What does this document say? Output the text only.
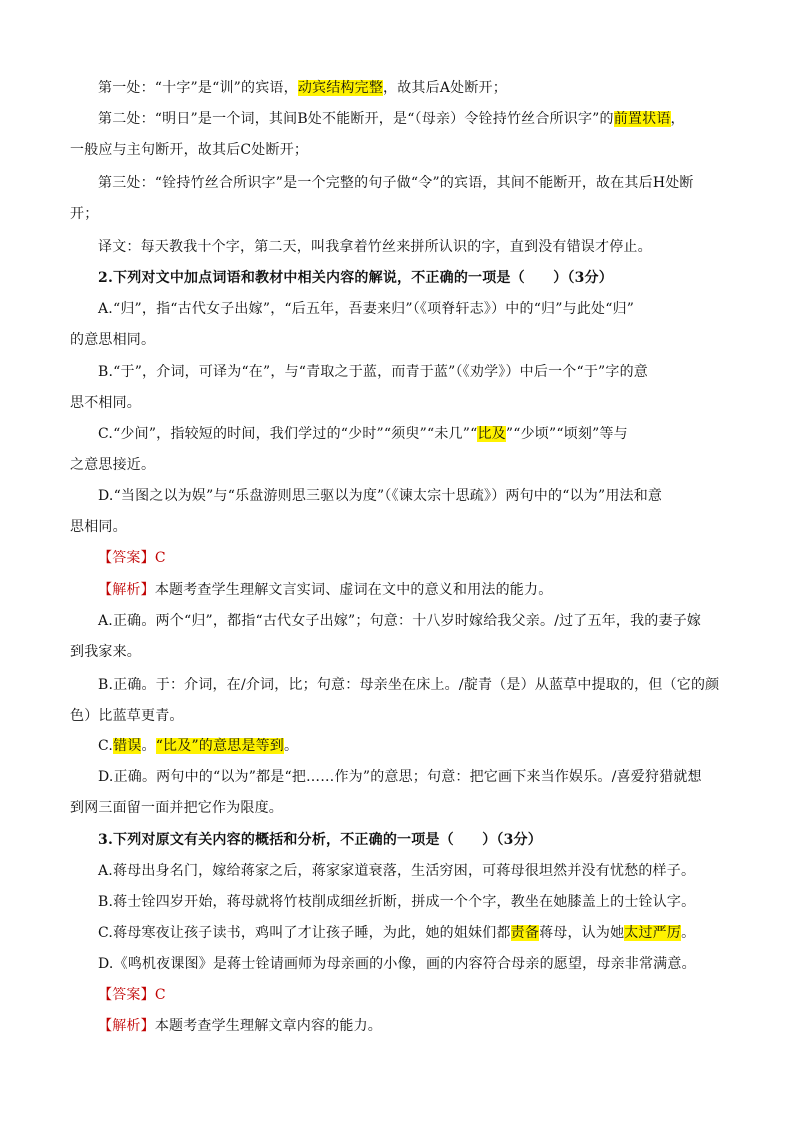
第一处：“十字”是“训”的宾语，动宾结构完整，故其后A处断开；
第二处：“明日”是一个词，其间B处不能断开，是“（母亲）令铨持竹丝合所识字”的前置状语，
一般应与主句断开，故其后C处断开；
第三处：“铨持竹丝合所识字”是一个完整的句子做“令”的宾语，其间不能断开，故在其后H处断
开；
译文：每天教我十个字，第二天，叫我拿着竹丝来拼所认识的字，直到没有错误才停止。
2.下列对文中加点词语和教材中相关内容的解说，不正确的一项是（　　）（3分）
A.“归”，指“古代女子出嫁”，“后五年，吾妻来归”（《项脊轩志》）中的“归”与此处“归”
的意思相同。
B.“于”，介词，可译为“在”，与“青取之于蓝，而青于蓝”（《劝学》）中后一个“于”字的意
思不相同。
C.“少间”，指较短的时间，我们学过的“少时”“须臾”“未几”“比及”“少顷”“顷刻”等与
之意思接近。
D.“当图之以为娱”与“乐盘游则思三驱以为度”（《谏太宗十思疏》）两句中的“以为”用法和意
思相同。
【答案】C
【解析】本题考查学生理解文言实词、虚词在文中的意义和用法的能力。
A.正确。两个“归”，都指“古代女子出嫁”；句意：十八岁时嫁给我父亲。/过了五年，我的妻子嫁
到我家来。
B.正确。于：介词，在/介词，比；句意：母亲坐在床上。/靛青（是）从蓝草中提取的，但（它的颜
色）比蓝草更青。
C.错误。“比及”的意思是等到。
D.正确。两句中的“以为”都是“把……作为”的意思；句意：把它画下来当作娱乐。/喜爱狩猎就想
到网三面留一面并把它作为限度。
3.下列对原文有关内容的概括和分析，不正确的一项是（　　）（3分）
A.蒋母出身名门，嫁给蒋家之后，蒋家家道衰落，生活穷困，可蒋母很坦然并没有忧愁的样子。
B.蒋士铨四岁开始，蒋母就将竹枝削成细丝折断，拼成一个个字，教坐在她膝盖上的士铨认字。
C.蒋母寒夜让孩子读书，鸡叫了才让孩子睡，为此，她的姐妹们都责备蒋母，认为她太过严厉。
D.《鸣机夜课图》是蒋士铨请画师为母亲画的小像，画的内容符合母亲的愿望，母亲非常满意。
【答案】C
【解析】本题考查学生理解文章内容的能力。
